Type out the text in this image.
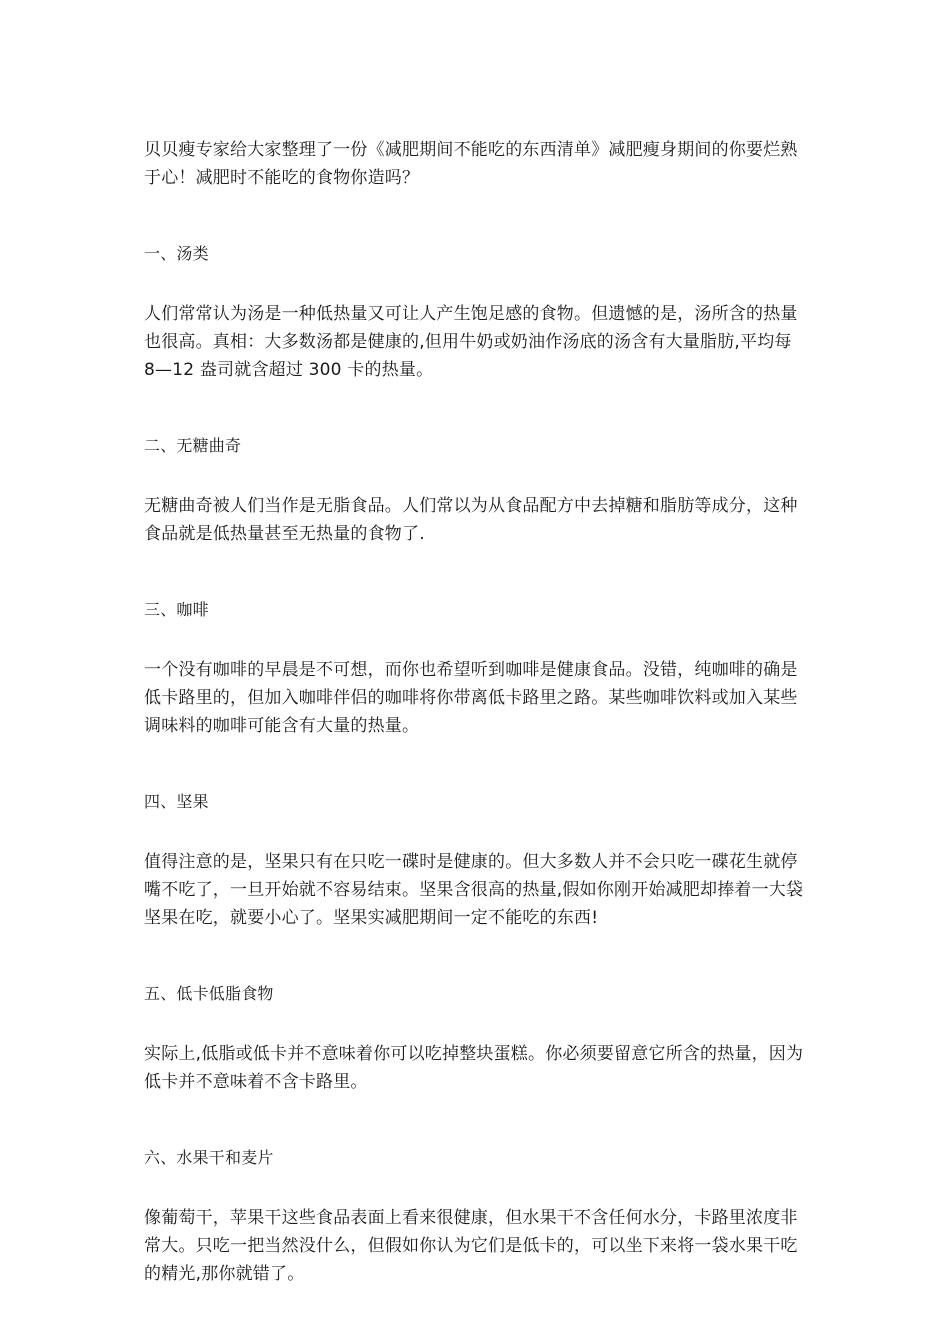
贝贝瘦专家给大家整理了一份《减肥期间不能吃的东西清单》减肥瘦身期间的你要烂熟于心！减肥时不能吃的食物你造吗？

一、汤类

人们常常认为汤是一种低热量又可让人产生饱足感的食物。但遗憾的是，汤所含的热量也很高。真相：大多数汤都是健康的,但用牛奶或奶油作汤底的汤含有大量脂肪,平均每 8—12 盎司就含超过 300 卡的热量。

二、无糖曲奇

无糖曲奇被人们当作是无脂食品。人们常以为从食品配方中去掉糖和脂肪等成分，这种食品就是低热量甚至无热量的食物了.

三、咖啡

一个没有咖啡的早晨是不可想，而你也希望听到咖啡是健康食品。没错，纯咖啡的确是低卡路里的，但加入咖啡伴侣的咖啡将你带离低卡路里之路。某些咖啡饮料或加入某些调味料的咖啡可能含有大量的热量。

四、坚果

值得注意的是，坚果只有在只吃一碟时是健康的。但大多数人并不会只吃一碟花生就停嘴不吃了，一旦开始就不容易结束。坚果含很高的热量,假如你刚开始减肥却捧着一大袋坚果在吃，就要小心了。坚果实减肥期间一定不能吃的东西!

五、低卡低脂食物

实际上,低脂或低卡并不意味着你可以吃掉整块蛋糕。你必须要留意它所含的热量，因为低卡并不意味着不含卡路里。

六、水果干和麦片

像葡萄干，苹果干这些食品表面上看来很健康，但水果干不含任何水分，卡路里浓度非常大。只吃一把当然没什么，但假如你认为它们是低卡的，可以坐下来将一袋水果干吃的精光,那你就错了。
